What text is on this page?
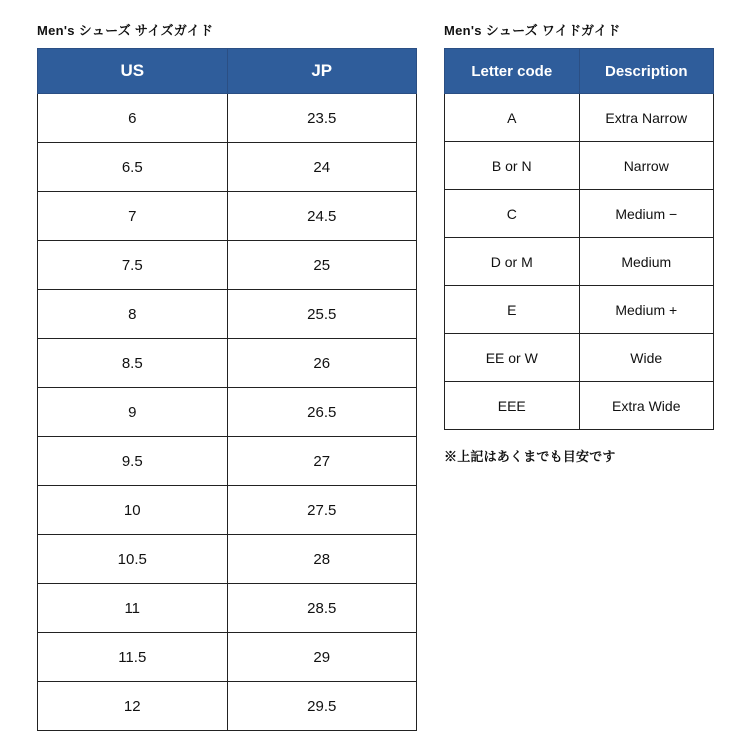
Men's シューズ サイズガイド
US	JP
6	23.5
6.5	24
7	24.5
7.5	25
8	25.5
8.5	26
9	26.5
9.5	27
10	27.5
10.5	28
11	28.5
11.5	29
12	29.5
Men's シューズ ワイドガイド
Letter code	Description
A	Extra Narrow
B or N	Narrow
C	Medium −
D or M	Medium
E	Medium +
EE or W	Wide
EEE	Extra Wide
※上記はあくまでも目安です
